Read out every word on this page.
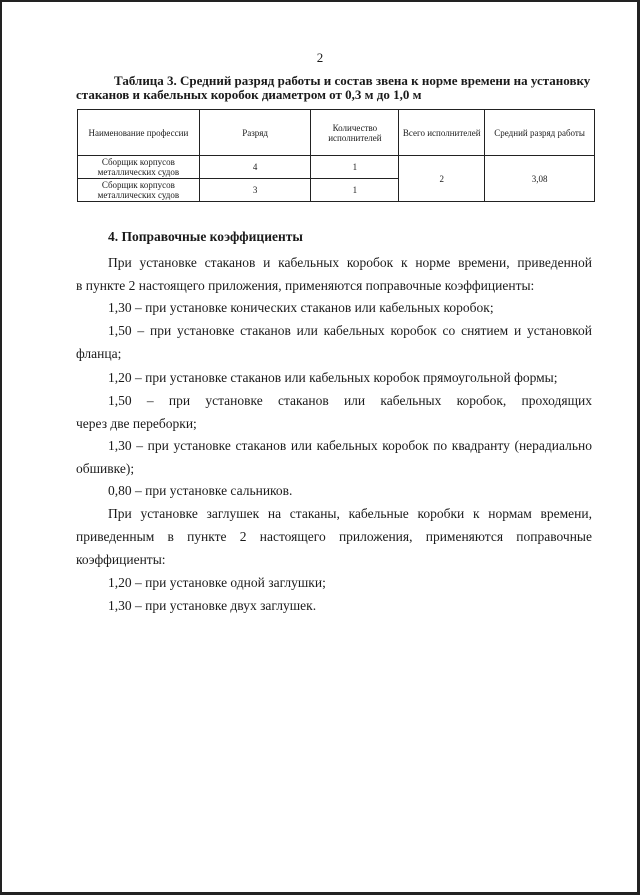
2
Таблица 3. Средний разряд работы и состав звена к норме времени на установку
стаканов и кабельных коробок диаметром от 0,3 м до 1,0 м
Наименование профессии	Разряд	Количество исполнителей	Всего исполнителей	Средний разряд работы
Сборщик корпусов металлических судов	4	1	2	3,08
Сборщик корпусов металлических судов	3	1		
4. Поправочные коэффициенты
При установке стаканов и кабельных коробок к норме времени, приведенной
в пункте 2 настоящего приложения, применяются поправочные коэффициенты:
1,30 – при установке конических стаканов или кабельных коробок;
1,50 – при установке стаканов или кабельных коробок со снятием и установкой
фланца;
1,20 – при установке стаканов или кабельных коробок прямоугольной формы;
1,50 – при установке стаканов или кабельных коробок, проходящих
через две переборки;
1,30 – при установке стаканов или кабельных коробок по квадранту (нерадиально
обшивке);
0,80 – при установке сальников.
При установке заглушек на стаканы, кабельные коробки к нормам времени,
приведенным в пункте 2 настоящего приложения, применяются поправочные
коэффициенты:
1,20 – при установке одной заглушки;
1,30 – при установке двух заглушек.
